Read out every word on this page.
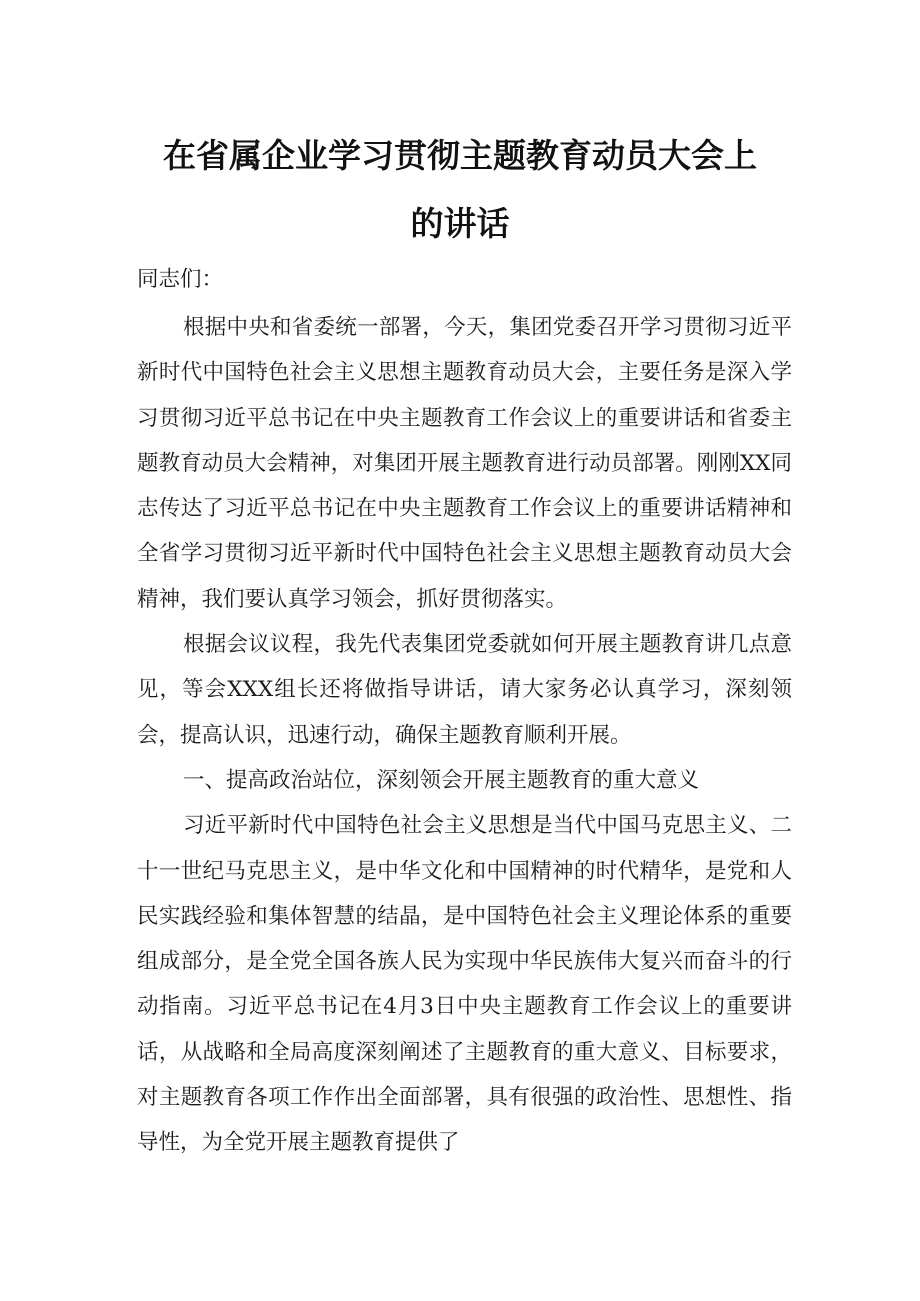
在省属企业学习贯彻主题教育动员大会上
的讲话
同志们：

根据中央和省委统一部署，今天，集团党委召开学习贯彻习近平新时代中国特色社会主义思想主题教育动员大会，主要任务是深入学习贯彻习近平总书记在中央主题教育工作会议上的重要讲话和省委主题教育动员大会精神，对集团开展主题教育进行动员部署。刚刚XX同志传达了习近平总书记在中央主题教育工作会议上的重要讲话精神和全省学习贯彻习近平新时代中国特色社会主义思想主题教育动员大会精神，我们要认真学习领会，抓好贯彻落实。

根据会议议程，我先代表集团党委就如何开展主题教育讲几点意见，等会XXX组长还将做指导讲话，请大家务必认真学习，深刻领会，提高认识，迅速行动，确保主题教育顺利开展。

一、提高政治站位，深刻领会开展主题教育的重大意义

习近平新时代中国特色社会主义思想是当代中国马克思主义、二十一世纪马克思主义，是中华文化和中国精神的时代精华，是党和人民实践经验和集体智慧的结晶，是中国特色社会主义理论体系的重要组成部分，是全党全国各族人民为实现中华民族伟大复兴而奋斗的行动指南。习近平总书记在4月3日中央主题教育工作会议上的重要讲话，从战略和全局高度深刻阐述了主题教育的重大意义、目标要求，对主题教育各项工作作出全面部署，具有很强的政治性、思想性、指导性，为全党开展主题教育提供了
